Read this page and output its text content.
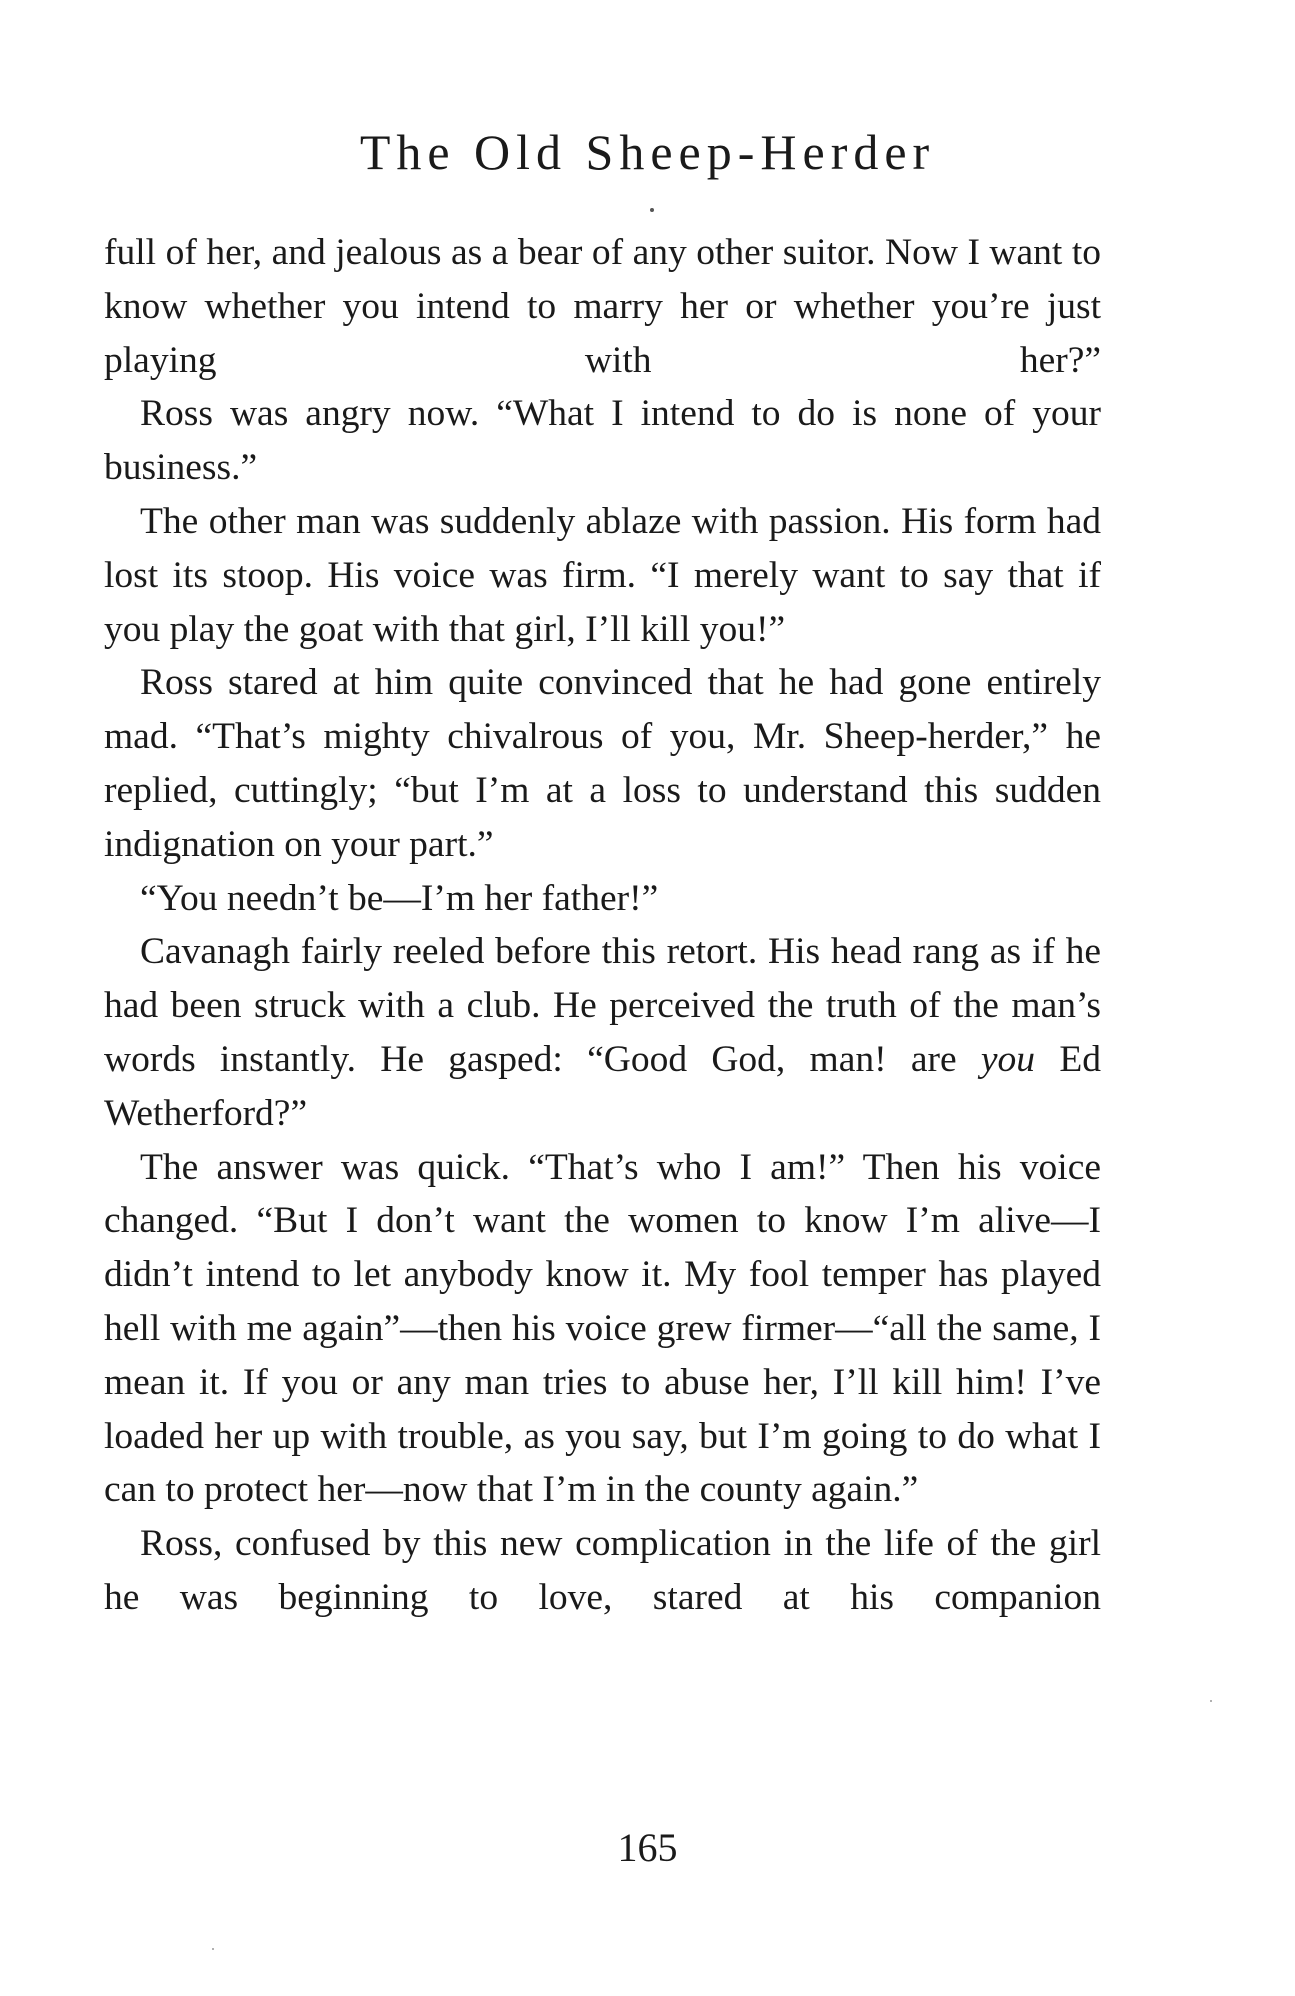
The Old Sheep-Herder

full of her, and jealous as a bear of any other suitor. Now I want to know whether you intend to marry her or whether you’re just playing with her?”

Ross was angry now. “What I intend to do is none of your business.”

The other man was suddenly ablaze with passion. His form had lost its stoop. His voice was firm. “I merely want to say that if you play the goat with that girl, I’ll kill you!”

Ross stared at him quite convinced that he had gone entirely mad. “That’s mighty chivalrous of you, Mr. Sheep-herder,” he replied, cuttingly; “but I’m at a loss to understand this sudden indignation on your part.”

“You needn’t be—I’m her father!”

Cavanagh fairly reeled before this retort. His head rang as if he had been struck with a club. He perceived the truth of the man’s words instantly. He gasped: “Good God, man! are you Ed Wetherford?”

The answer was quick. “That’s who I am!” Then his voice changed. “But I don’t want the women to know I’m alive—I didn’t intend to let anybody know it. My fool temper has played hell with me again”—then his voice grew firmer—“all the same, I mean it. If you or any man tries to abuse her, I’ll kill him! I’ve loaded her up with trouble, as you say, but I’m going to do what I can to protect her—now that I’m in the county again.”

Ross, confused by this new complication in the life of the girl he was beginning to love, stared at his companion

165
